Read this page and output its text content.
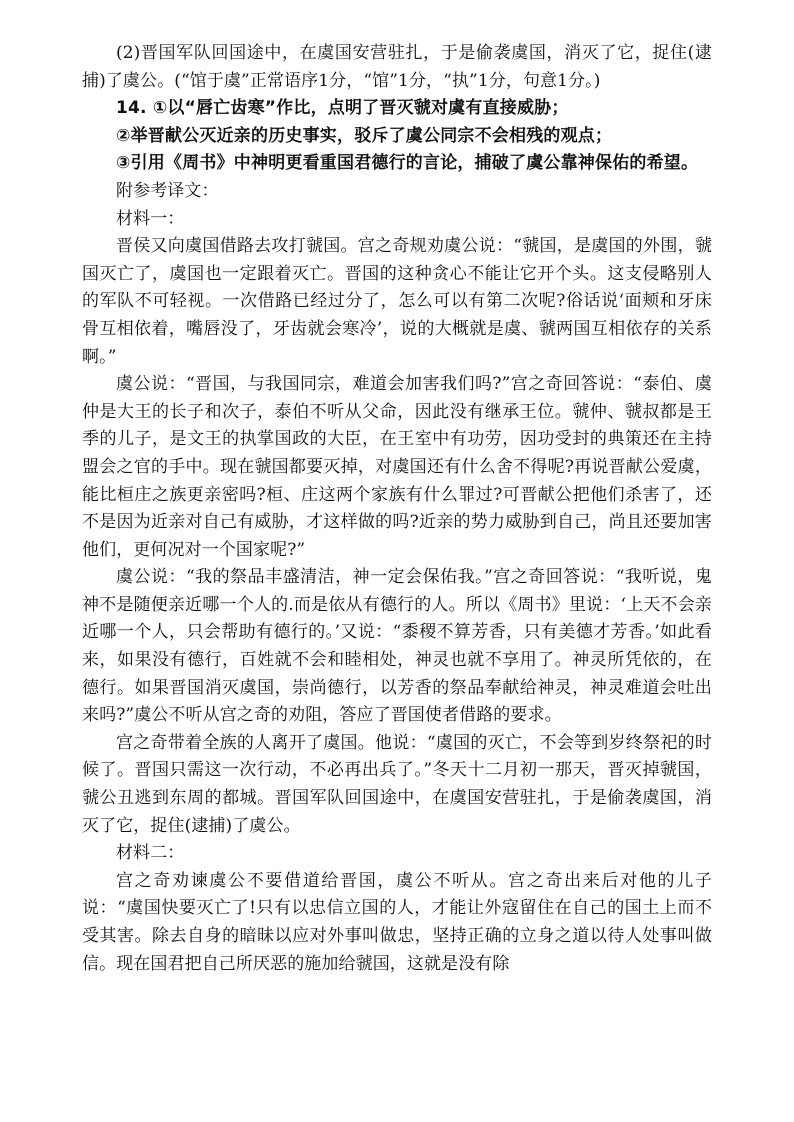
(2)晋国军队回国途中，在虞国安营驻扎，于是偷袭虞国，消灭了它，捉住(逮捕)了虞公。(“馆于虞”正常语序1分，“馆”1分，“执”1分，句意1分。)

14. ①以“唇亡齿寒”作比，点明了晋灭虢对虞有直接威胁；

②举晋献公灭近亲的历史事实，驳斥了虞公同宗不会相残的观点；

③引用《周书》中神明更看重国君德行的言论，捕破了虞公靠神保佑的希望。

附参考译文：

材料一：

晋侯又向虞国借路去攻打虢国。宫之奇规劝虞公说：“虢国，是虞国的外围，虢国灭亡了，虞国也一定跟着灭亡。晋国的这种贪心不能让它开个头。这支侵略别人的军队不可轻视。一次借路已经过分了，怎么可以有第二次呢?俗话说‘面颊和牙床骨互相依着，嘴唇没了，牙齿就会寒冷’，说的大概就是虞、虢两国互相依存的关系啊。”

虞公说：“晋国，与我国同宗，难道会加害我们吗?”宫之奇回答说：“泰伯、虞仲是大王的长子和次子，泰伯不听从父命，因此没有继承王位。虢仲、虢叔都是王季的儿子，是文王的执掌国政的大臣，在王室中有功劳，因功受封的典策还在主持盟会之官的手中。现在虢国都要灭掉，对虞国还有什么舍不得呢?再说晋献公爱虞，能比桓庄之族更亲密吗?桓、庄这两个家族有什么罪过?可晋献公把他们杀害了，还不是因为近亲对自己有威胁，才这样做的吗?近亲的势力威胁到自己，尚且还要加害他们，更何况对一个国家呢?”

虞公说：“我的祭品丰盛清洁，神一定会保佑我。”宫之奇回答说：“我听说，鬼神不是随便亲近哪一个人的.而是依从有德行的人。所以《周书》里说：‘上天不会亲近哪一个人，只会帮助有德行的。’又说：“黍稷不算芳香，只有美德才芳香。’如此看来，如果没有德行，百姓就不会和睦相处，神灵也就不享用了。神灵所凭依的，在德行。如果晋国消灭虞国，崇尚德行，以芳香的祭品奉献给神灵，神灵难道会吐出来吗?”虞公不听从宫之奇的劝阻，答应了晋国使者借路的要求。

宫之奇带着全族的人离开了虞国。他说：“虞国的灭亡，不会等到岁终祭祀的时候了。晋国只需这一次行动，不必再出兵了。”冬天十二月初一那天，晋灭掉虢国，虢公丑逃到东周的都城。晋国军队回国途中，在虞国安营驻扎，于是偷袭虞国，消灭了它，捉住(逮捕)了虞公。

材料二：

宫之奇劝谏虞公不要借道给晋国，虞公不听从。宫之奇出来后对他的儿子说：“虞国快要灭亡了!只有以忠信立国的人，才能让外寇留住在自己的国土上而不受其害。除去自身的暗昧以应对外事叫做忠，坚持正确的立身之道以待人处事叫做信。现在国君把自己所厌恶的施加给虢国，这就是没有除
